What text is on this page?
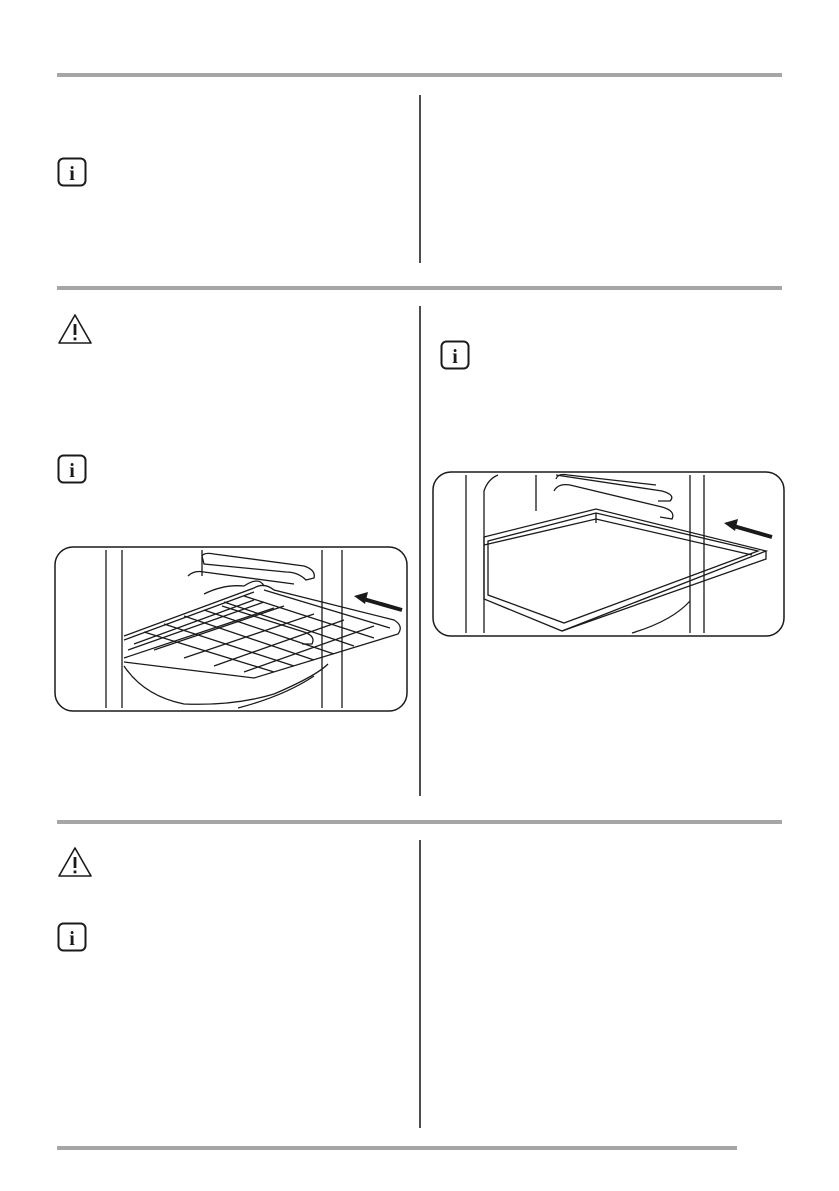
i
i
i
i
